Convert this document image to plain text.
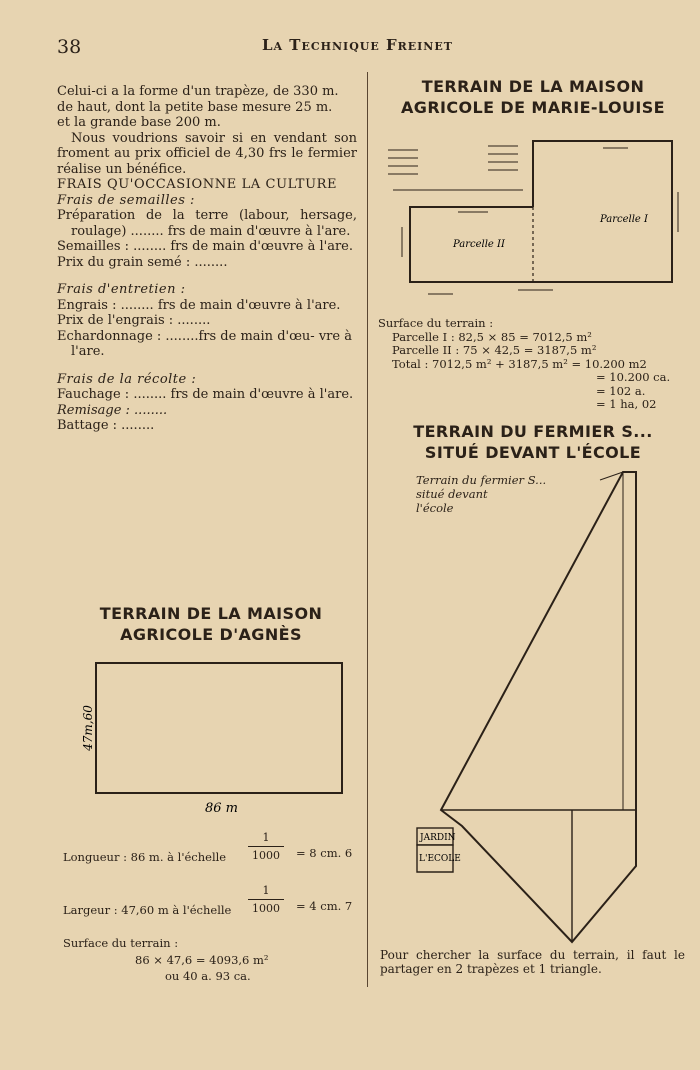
38	La Technique Freinet

Celui-ci a la forme d'un trapèze, de 330 m.

de haut, dont la petite base mesure 25 m.

et la grande base 200 m.

Nous voudrions savoir si en vendant son froment au prix officiel de 4,30 frs le fermier réalise un bénéfice.

FRAIS QU'OCCASIONNE LA CULTURE

Frais de semailles :

Préparation de la terre (labour, hersage, roulage) ........ frs de main d'œuvre à l'are.

Semailles : ........ frs de main d'œuvre à l'are.

Prix du grain semé : ........

Frais d'entretien :

Engrais : ........ frs de main d'œuvre à l'are.

Prix de l'engrais : ........

Echardonnage : ........frs de main d'œu- vre à l'are.

Frais de la récolte :

Fauchage : ........ frs de main d'œuvre à l'are.

Remisage : ........

Battage : ........

TERRAIN DE LA MAISON
AGRICOLE D'AGNÈS
47m,60
86 m
Longueur : 86 m. à l'échelle
1
1000	= 8 cm. 6
Largeur : 47,60 m à l'échelle
1
1000	= 4 cm. 7
Surface du terrain :
86 × 47,6 = 4093,6 m²
ou 40 a. 93 ca.
TERRAIN DE LA MAISON
AGRICOLE DE MARIE-LOUISE
Parcelle I
Parcelle II
Surface du terrain :
Parcelle I : 82,5 × 85 = 7012,5 m²
Parcelle II : 75 × 42,5 = 3187,5 m²
Total : 7012,5 m² + 3187,5 m² = 10.200 m2
= 10.200 ca.
= 102 a.
= 1 ha, 02
TERRAIN DU FERMIER S...
SITUÉ DEVANT L'ÉCOLE
Terrain du fermier S...
situé devant
l'école
JARDIN
L'ECOLE
Pour chercher la surface du terrain, il faut le partager en 2 trapèzes et 1 triangle.
